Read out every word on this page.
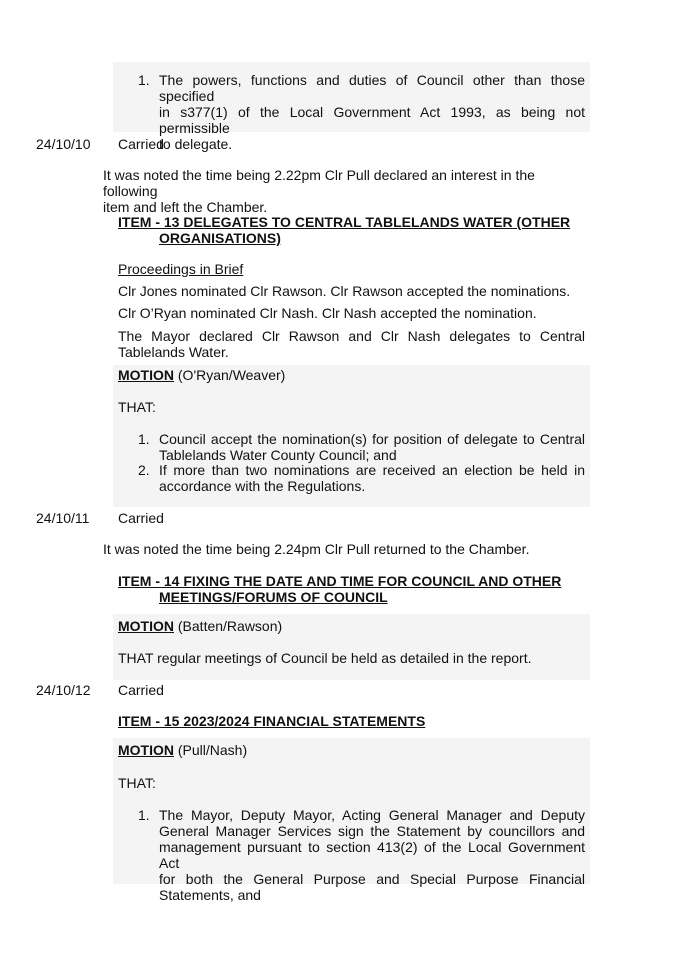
1. The powers, functions and duties of Council other than those specified
in s377(1) of the Local Government Act 1993, as being not permissible
to delegate.
24/10/10 Carried
It was noted the time being 2.22pm Clr Pull declared an interest in the following
item and left the Chamber.
ITEM - 13 DELEGATES TO CENTRAL TABLELANDS WATER (OTHER
ORGANISATIONS)
Proceedings in Brief
Clr Jones nominated Clr Rawson. Clr Rawson accepted the nominations.
Clr O’Ryan nominated Clr Nash. Clr Nash accepted the nomination.
The Mayor declared Clr Rawson and Clr Nash delegates to Central
Tablelands Water.
MOTION (O'Ryan/Weaver)
THAT:
1. Council accept the nomination(s) for position of delegate to Central
Tablelands Water County Council; and
2. If more than two nominations are received an election be held in
accordance with the Regulations.
24/10/11 Carried
It was noted the time being 2.24pm Clr Pull returned to the Chamber.
ITEM - 14 FIXING THE DATE AND TIME FOR COUNCIL AND OTHER
MEETINGS/FORUMS OF COUNCIL
MOTION (Batten/Rawson)
THAT regular meetings of Council be held as detailed in the report.
24/10/12 Carried
ITEM - 15 2023/2024 FINANCIAL STATEMENTS
MOTION (Pull/Nash)
THAT:
1. The Mayor, Deputy Mayor, Acting General Manager and Deputy
General Manager Services sign the Statement by councillors and
management pursuant to section 413(2) of the Local Government Act
for both the General Purpose and Special Purpose Financial
Statements, and
